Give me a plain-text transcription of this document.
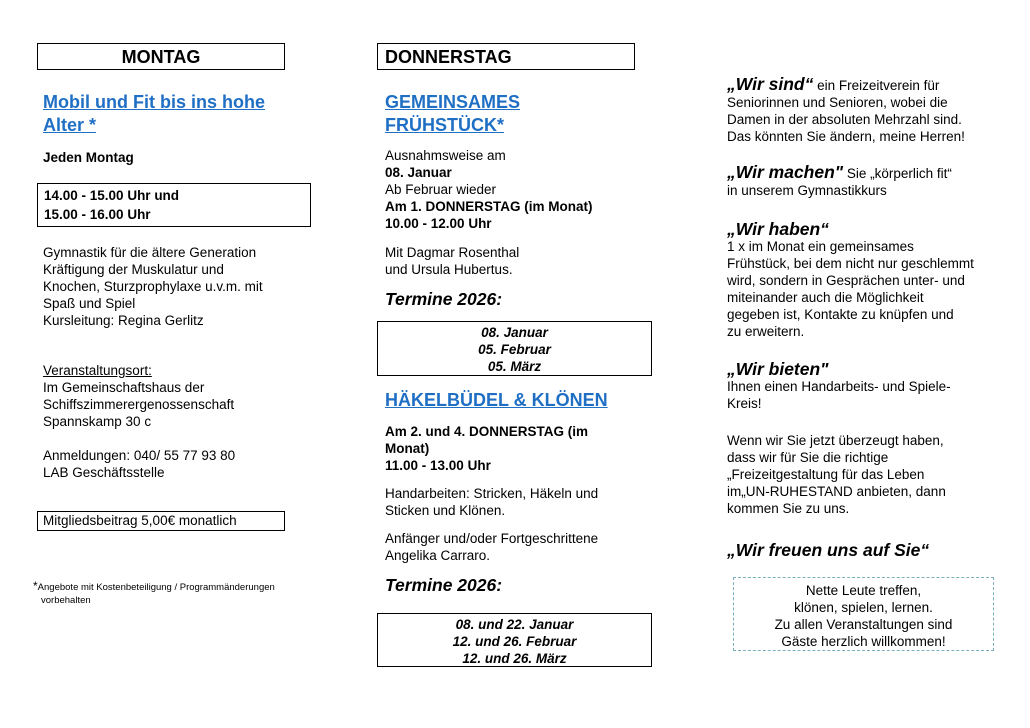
MONTAG
Mobil und Fit bis ins hohe
Alter *
Jeden Montag
14.00 - 15.00 Uhr und
15.00 - 16.00 Uhr
Gymnastik für die ältere Generation
Kräftigung der Muskulatur und
Knochen, Sturzprophylaxe u.v.m. mit
Spaß und Spiel
Kursleitung: Regina Gerlitz
Veranstaltungsort:
Im Gemeinschaftshaus der
Schiffszimmerergenossenschaft
Spannskamp 30 c
Anmeldungen: 040/ 55 77 93 80
LAB Geschäftsstelle
Mitgliedsbeitrag 5,00€ monatlich
*Angebote mit Kostenbeteiligung / Programmänderungen
vorbehalten
DONNERSTAG
GEMEINSAMES
FRÜHSTÜCK*
Ausnahmsweise am
08. Januar
Ab Februar wieder
Am 1. DONNERSTAG (im Monat)
10.00 - 12.00 Uhr
Mit Dagmar Rosenthal
und Ursula Hubertus.
Termine 2026:
08. Januar
05. Februar
05. März
HÄKELBÜDEL & KLÖNEN
Am 2. und 4. DONNERSTAG (im
Monat)
11.00 - 13.00 Uhr
Handarbeiten: Stricken, Häkeln und
Sticken und Klönen.
Anfänger und/oder Fortgeschrittene
Angelika Carraro.
Termine 2026:
08. und 22. Januar
12. und 26. Februar
12. und 26. März
„Wir sind“ ein Freizeitverein für
Seniorinnen und Senioren, wobei die
Damen in der absoluten Mehrzahl sind.
Das könnten Sie ändern, meine Herren!
„Wir machen" Sie „körperlich fit“
in unserem Gymnastikkurs
„Wir haben“
1 x im Monat ein gemeinsames
Frühstück, bei dem nicht nur geschlemmt
wird, sondern in Gesprächen unter- und
miteinander auch die Möglichkeit
gegeben ist, Kontakte zu knüpfen und
zu erweitern.
„Wir bieten"
Ihnen einen Handarbeits- und Spiele-
Kreis!
Wenn wir Sie jetzt überzeugt haben,
dass wir für Sie die richtige
„Freizeitgestaltung für das Leben
im„UN-RUHESTAND anbieten, dann
kommen Sie zu uns.
„Wir freuen uns auf Sie“
Nette Leute treffen,
klönen, spielen, lernen.
Zu allen Veranstaltungen sind
Gäste herzlich willkommen!
